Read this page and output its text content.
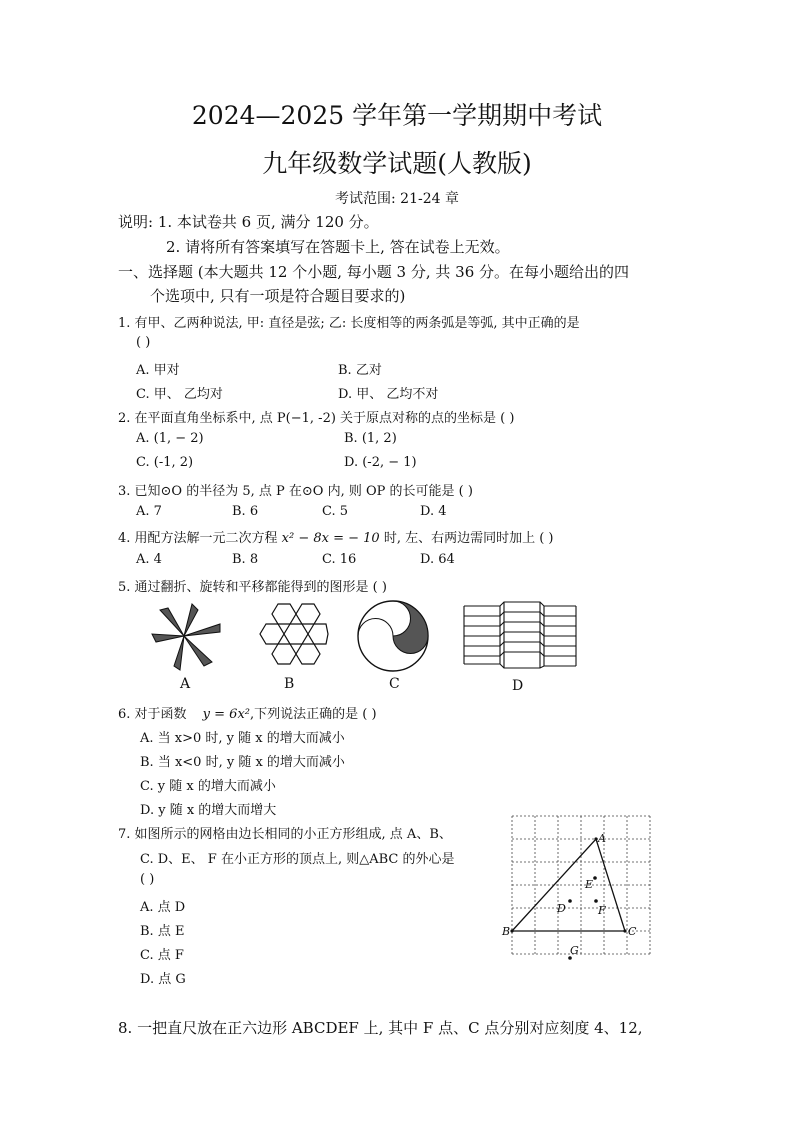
2024—2025 学年第一学期期中考试
九年级数学试题(人教版)
考试范围: 21-24 章
说明: 1. 本试卷共 6 页, 满分 120 分。
2. 请将所有答案填写在答题卡上, 答在试卷上无效。
一、选择题 (本大题共 12 个小题, 每小题 3 分, 共 36 分。在每小题给出的四
个选项中, 只有一项是符合题目要求的)
1. 有甲、乙两种说法, 甲: 直径是弦; 乙: 长度相等的两条弧是等弧, 其中正确的是
( )
A. 甲对	B. 乙对
C. 甲、 乙均对	D. 甲、 乙均不对
2. 在平面直角坐标系中, 点 P(−1, -2) 关于原点对称的点的坐标是 ( )
A. (1, − 2)	B. (1, 2)
C. (-1, 2)	D. (-2, − 1)
3. 已知⊙O 的半径为 5, 点 P 在⊙O 内, 则 OP 的长可能是 ( )
A. 7	B. 6	C. 5	D. 4
4. 用配方法解一元二次方程 x² − 8x = − 10 时, 左、右两边需同时加上 ( )
A. 4	B. 8	C. 16	D. 64
5. 通过翻折、旋转和平移都能得到的图形是 ( )
A	B	C	D
6. 对于函数 y = 6x²,下列说法正确的是 ( )
A. 当 x>0 时, y 随 x 的增大而减小
B. 当 x<0 时, y 随 x 的增大而减小
C. y 随 x 的增大而减小
D. y 随 x 的增大而增大
7. 如图所示的网格由边长相同的小正方形组成, 点 A、B、
C. D、E、 F 在小正方形的顶点上, 则△ABC 的外心是
( )
A. 点 D
B. 点 E
C. 点 F
D. 点 G
A
B	C
D
E
F
G
8. 一把直尺放在正六边形 ABCDEF 上, 其中 F 点、C 点分别对应刻度 4、12,
